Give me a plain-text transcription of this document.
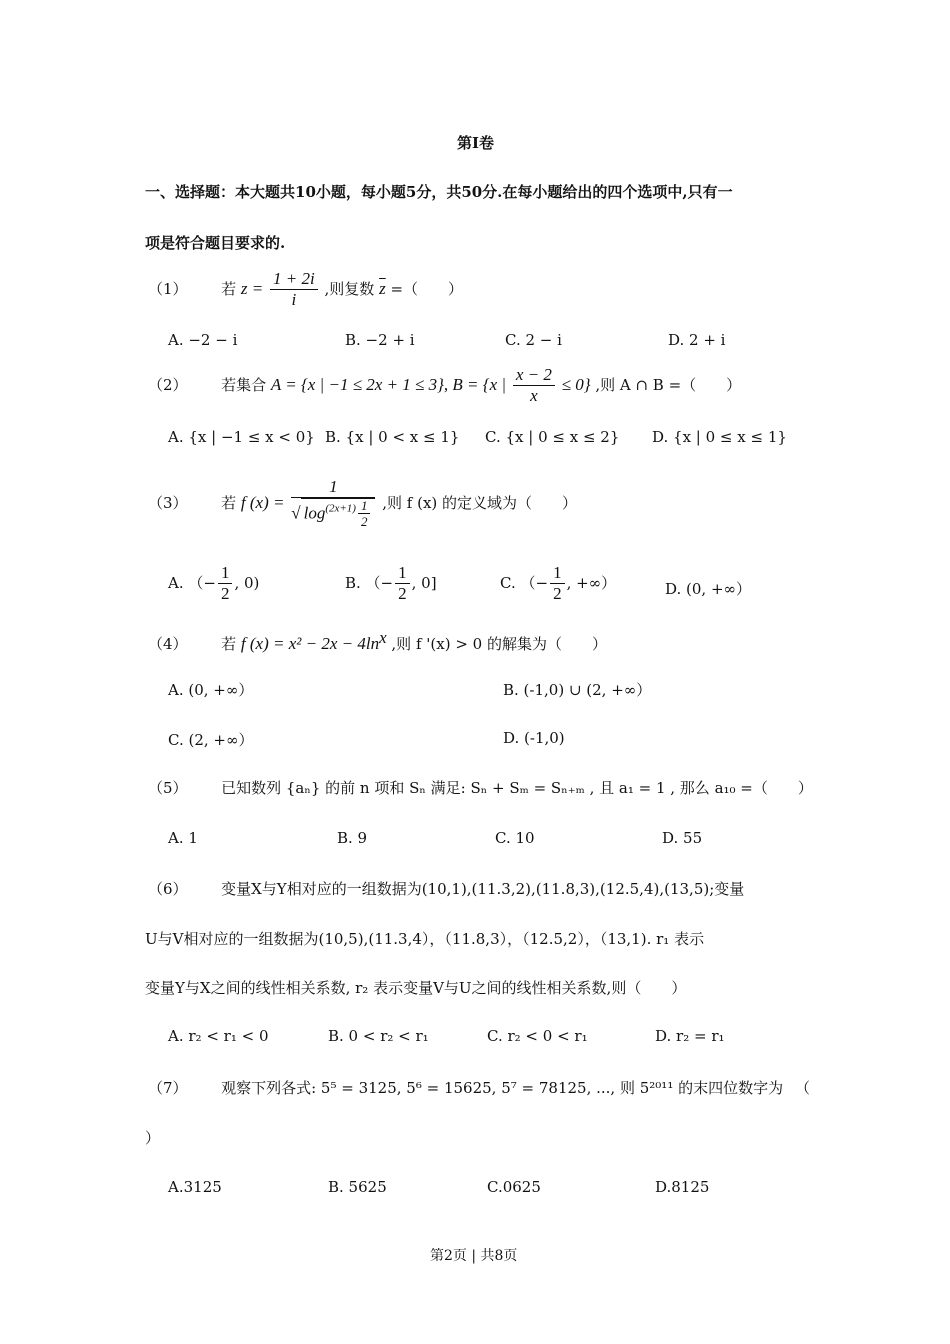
第Ⅰ卷
一、选择题：本大题共10小题，每小题5分，共50分.在每小题给出的四个选项中,只有一
项是符合题目要求的.
（1） 若 $z = \frac{1 + 2i}{i}$ ,则复数 $\overline{z}$ =（　　）
A. −2 − i	B. −2 + i	C. 2 − i	D. 2 + i
（2） 若集合 A = {x | −1 ≤ 2x + 1 ≤ 3}, B = {x | $\frac{x - 2}{x} \le 0$} ,则 A ∩ B =（　　）
A. {x | −1 ≤ x < 0} B. {x | 0 < x ≤ 1} C. {x | 0 ≤ x ≤ 2} D. {x | 0 ≤ x ≤ 1}
（3） 若 f $(x) = \frac{1}{√ \log^{(2x+1)} \frac{1}{2}}$ ,则 f (x) 的定义域为（　　）
A. （− $\frac{1}{2}$ , 0)	B. （− $\frac{1}{2}$ , 0]	C. （− $\frac{1}{2}$ , +∞）	D. (0, +∞）
（4） 若 f $(x) = x^2 - 2x - 4\ln^x$ ,则 f '(x) > 0 的解集为（　　）
A. (0, +∞）	B. (-1,0) ∪ (2, +∞）
C. (2, +∞）	D. (-1,0)
（5） 已知数列 {aₙ} 的前 n 项和 Sₙ 满足: Sₙ + Sₘ = Sₙ₊ₘ , 且 a₁ = 1 , 那么 a₁₀ =（　　）
A. 1	B. 9	C. 10	D. 55
（6） 变量X与Y相对应的一组数据为(10,1),(11.3,2),(11.8,3),(12.5,4),(13,5);变量
U与V相对应的一组数据为(10,5),(11.3,4），（11.8,3），（12.5,2），（13,1). r₁ 表示
变量Y与X之间的线性相关系数, r₂ 表示变量V与U之间的线性相关系数,则（　　）
A. r₂ < r₁ < 0	B. 0 < r₂ < r₁	C. r₂ < 0 < r₁	D. r₂ = r₁
（7） 观察下列各式: 5⁵ = 3125, 5⁶ = 15625, 5⁷ = 78125, ..., 则 5²⁰¹¹ 的末四位数字为 （
）
A.3125	B. 5625	C.0625	D.8125
第2页 | 共8页
